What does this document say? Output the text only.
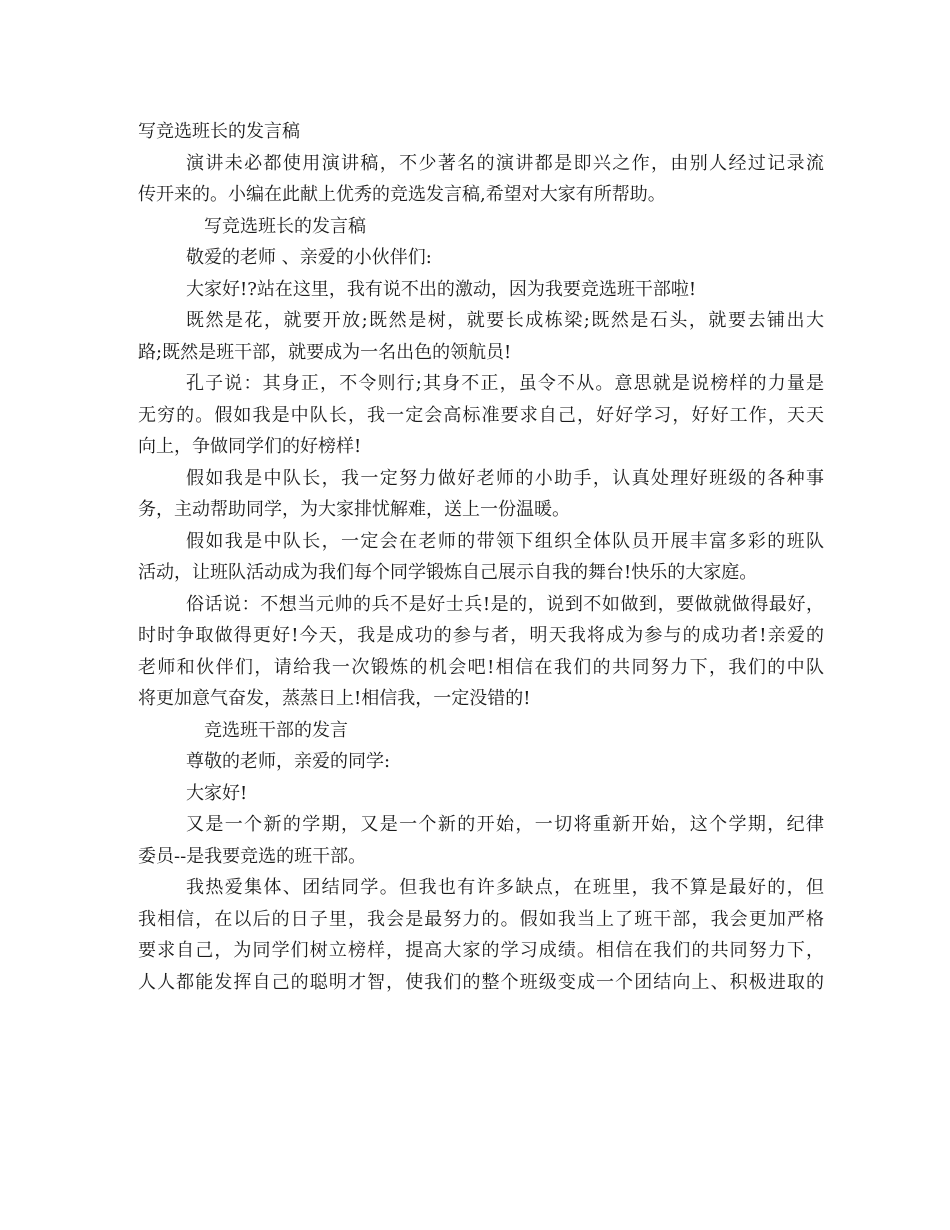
写竞选班长的发言稿
演讲未必都使用演讲稿，不少著名的演讲都是即兴之作，由别人经过记录流
传开来的。小编在此献上优秀的竞选发言稿,希望对大家有所帮助。
写竞选班长的发言稿
敬爱的老师 、亲爱的小伙伴们:
大家好!?站在这里，我有说不出的激动，因为我要竞选班干部啦!
既然是花，就要开放;既然是树，就要长成栋梁;既然是石头，就要去铺出大
路;既然是班干部，就要成为一名出色的领航员!
孔子说：其身正，不令则行;其身不正，虽令不从。意思就是说榜样的力量是
无穷的。假如我是中队长，我一定会高标准要求自己，好好学习，好好工作，天天
向上，争做同学们的好榜样!
假如我是中队长，我一定努力做好老师的小助手，认真处理好班级的各种事
务，主动帮助同学，为大家排忧解难，送上一份温暖。
假如我是中队长，一定会在老师的带领下组织全体队员开展丰富多彩的班队
活动，让班队活动成为我们每个同学锻炼自己展示自我的舞台!快乐的大家庭。
俗话说：不想当元帅的兵不是好士兵!是的，说到不如做到，要做就做得最好，
时时争取做得更好!今天，我是成功的参与者，明天我将成为参与的成功者!亲爱的
老师和伙伴们，请给我一次锻炼的机会吧!相信在我们的共同努力下，我们的中队
将更加意气奋发，蒸蒸日上!相信我，一定没错的!
竞选班干部的发言
尊敬的老师，亲爱的同学:
大家好!
又是一个新的学期，又是一个新的开始，一切将重新开始，这个学期，纪律
委员--是我要竞选的班干部。
我热爱集体、团结同学。但我也有许多缺点，在班里，我不算是最好的，但
我相信，在以后的日子里，我会是最努力的。假如我当上了班干部，我会更加严格
要求自己，为同学们树立榜样，提高大家的学习成绩。相信在我们的共同努力下，
人人都能发挥自己的聪明才智，使我们的整个班级变成一个团结向上、积极进取的
